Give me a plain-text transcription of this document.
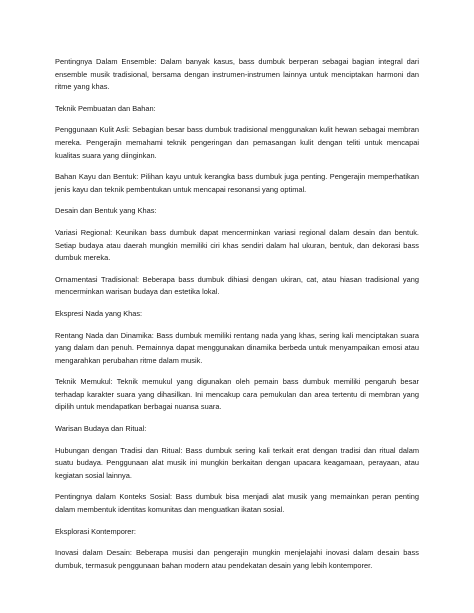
Pentingnya Dalam Ensemble: Dalam banyak kasus, bass dumbuk berperan sebagai bagian integral dari ensemble musik tradisional, bersama dengan instrumen-instrumen lainnya untuk menciptakan harmoni dan ritme yang khas.

Teknik Pembuatan dan Bahan:

Penggunaan Kulit Asli: Sebagian besar bass dumbuk tradisional menggunakan kulit hewan sebagai membran mereka. Pengerajin memahami teknik pengeringan dan pemasangan kulit dengan teliti untuk mencapai kualitas suara yang diinginkan.

Bahan Kayu dan Bentuk: Pilihan kayu untuk kerangka bass dumbuk juga penting. Pengerajin memperhatikan jenis kayu dan teknik pembentukan untuk mencapai resonansi yang optimal.

Desain dan Bentuk yang Khas:

Variasi Regional: Keunikan bass dumbuk dapat mencerminkan variasi regional dalam desain dan bentuk. Setiap budaya atau daerah mungkin memiliki ciri khas sendiri dalam hal ukuran, bentuk, dan dekorasi bass dumbuk mereka.

Ornamentasi Tradisional: Beberapa bass dumbuk dihiasi dengan ukiran, cat, atau hiasan tradisional yang mencerminkan warisan budaya dan estetika lokal.

Ekspresi Nada yang Khas:

Rentang Nada dan Dinamika: Bass dumbuk memiliki rentang nada yang khas, sering kali menciptakan suara yang dalam dan penuh. Pemainnya dapat menggunakan dinamika berbeda untuk menyampaikan emosi atau mengarahkan perubahan ritme dalam musik.

Teknik Memukul: Teknik memukul yang digunakan oleh pemain bass dumbuk memiliki pengaruh besar terhadap karakter suara yang dihasilkan. Ini mencakup cara pemukulan dan area tertentu di membran yang dipilih untuk mendapatkan berbagai nuansa suara.

Warisan Budaya dan Ritual:

Hubungan dengan Tradisi dan Ritual: Bass dumbuk sering kali terkait erat dengan tradisi dan ritual dalam suatu budaya. Penggunaan alat musik ini mungkin berkaitan dengan upacara keagamaan, perayaan, atau kegiatan sosial lainnya.

Pentingnya dalam Konteks Sosial: Bass dumbuk bisa menjadi alat musik yang memainkan peran penting dalam membentuk identitas komunitas dan menguatkan ikatan sosial.

Eksplorasi Kontemporer:

Inovasi dalam Desain: Beberapa musisi dan pengerajin mungkin menjelajahi inovasi dalam desain bass dumbuk, termasuk penggunaan bahan modern atau pendekatan desain yang lebih kontemporer.
